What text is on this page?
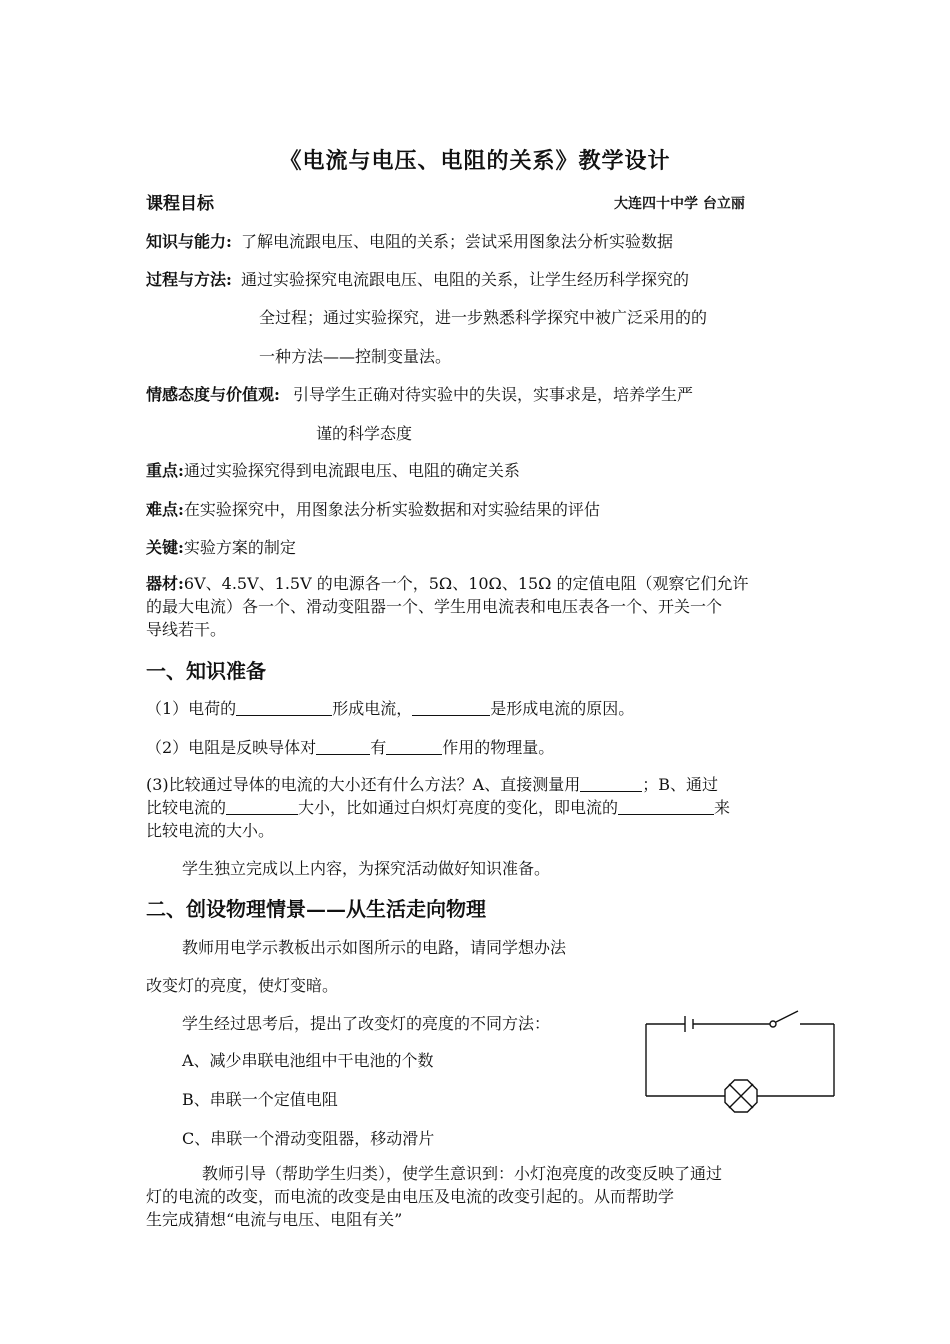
《电流与电压、电阻的关系》教学设计
课程目标	大连四十中学 台立丽
知识与能力: 了解电流跟电压、电阻的关系；尝试采用图象法分析实验数据
过程与方法: 通过实验探究电流跟电压、电阻的关系，让学生经历科学探究的
全过程；通过实验探究，进一步熟悉科学探究中被广泛采用的的
一种方法——控制变量法。
情感态度与价值观: 引导学生正确对待实验中的失误，实事求是，培养学生严
谨的科学态度
重点:通过实验探究得到电流跟电压、电阻的确定关系
难点:在实验探究中，用图象法分析实验数据和对实验结果的评估
关键:实验方案的制定
器材:6V、4.5V、1.5V 的电源各一个，5Ω、10Ω、15Ω 的定值电阻（观察它们允许
的最大电流）各一个、滑动变阻器一个、学生用电流表和电压表各一个、开关一个
导线若干。
一、知识准备
（1）电荷的	形成电流，	是形成电流的原因。
（2）电阻是反映导体对	有	作用的物理量。
(3)比较通过导体的电流的大小还有什么方法？A、直接测量用	；B、通过
比较电流的	大小，比如通过白炽灯亮度的变化，即电流的	来
比较电流的大小。
学生独立完成以上内容，为探究活动做好知识准备。
二、创设物理情景——从生活走向物理
教师用电学示教板出示如图所示的电路，请同学想办法
改变灯的亮度，使灯变暗。
学生经过思考后，提出了改变灯的亮度的不同方法：
A、减少串联电池组中干电池的个数
B、串联一个定值电阻
C、串联一个滑动变阻器，移动滑片
教师引导（帮助学生归类），使学生意识到：小灯泡亮度的改变反映了通过
灯的电流的改变，而电流的改变是由电压及电流的改变引起的。从而帮助学
生完成猜想“电流与电压、电阻有关”
